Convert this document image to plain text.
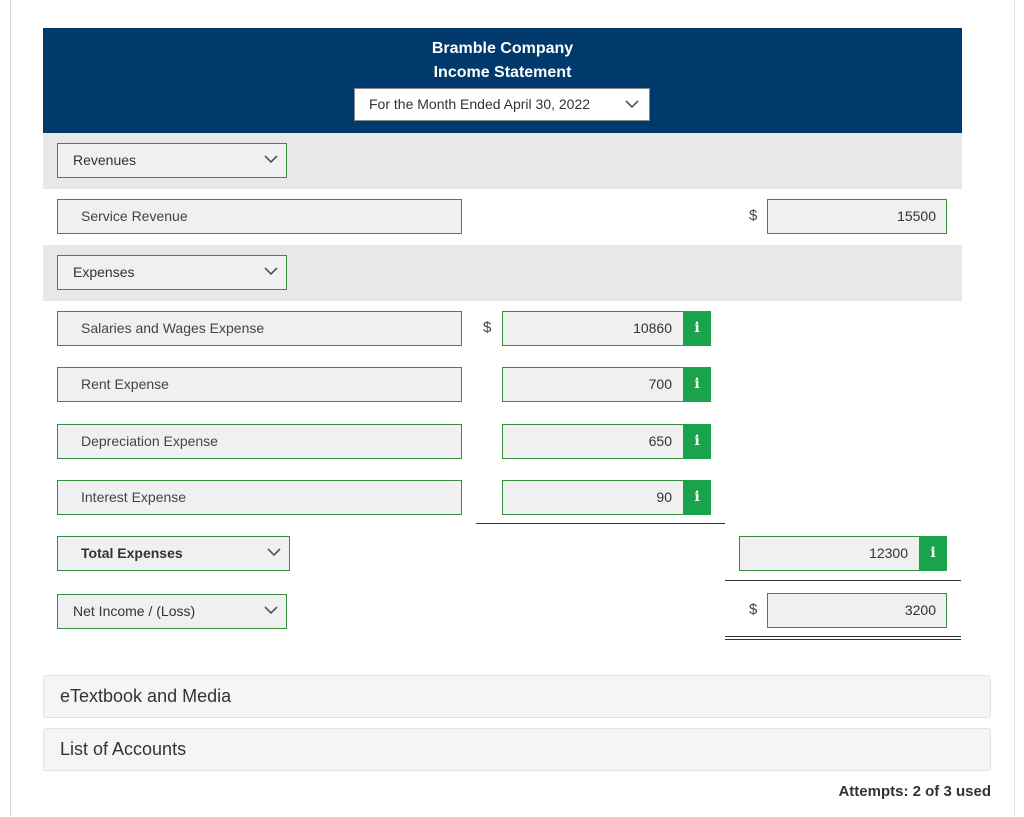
Bramble Company
Income Statement
For the Month Ended April 30, 2022
Revenues
Service Revenue	$	15500
Expenses
Salaries and Wages Expense	$	10860	i
Rent Expense	700	i
Depreciation Expense	650	i
Interest Expense	90	i
Total Expenses	12300	i
Net Income / (Loss)	$	3200
eTextbook and Media
List of Accounts
Attempts: 2 of 3 used
